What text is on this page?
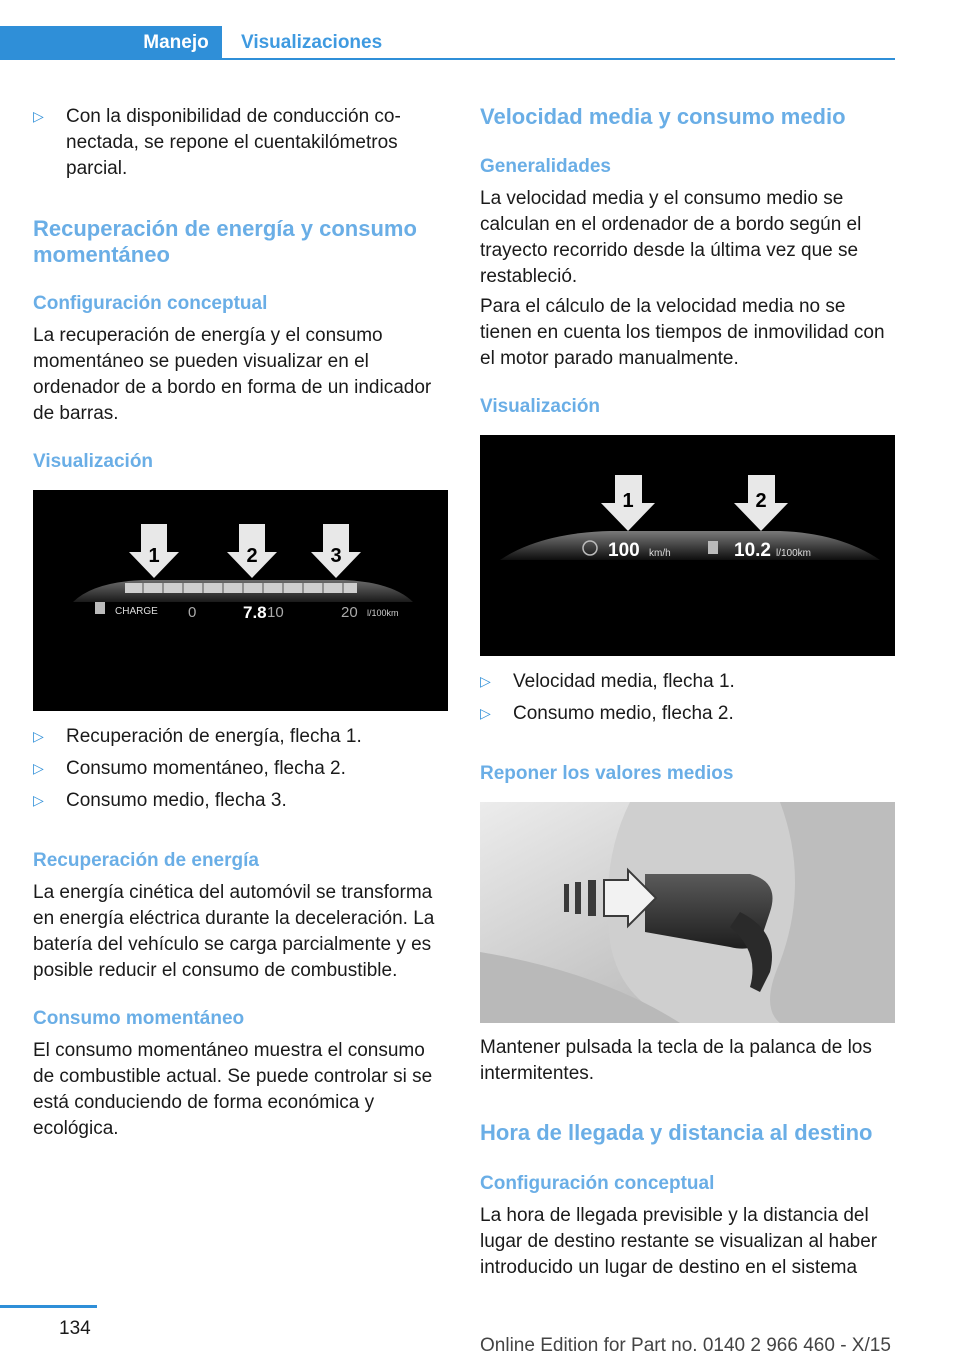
Manejo	Visualizaciones
▷ Con la disponibilidad de conducción co-
nectada, se repone el cuentakilómetros
parcial.
Recuperación de energía y consumo momentáneo
Configuración conceptual
La recuperación de energía y el consumo momentáneo se pueden visualizar en el ordenador de a bordo en forma de un indicador de barras.
Visualización
1	2	3
CHARGE 0	7.8 10	20 l/100km
▷ Recuperación de energía, flecha 1.
▷ Consumo momentáneo, flecha 2.
▷ Consumo medio, flecha 3.
Recuperación de energía
La energía cinética del automóvil se transforma en energía eléctrica durante la deceleración. La batería del vehículo se carga parcialmente y es posible reducir el consumo de combustible.
Consumo momentáneo
El consumo momentáneo muestra el consumo de combustible actual. Se puede controlar si se está conduciendo de forma económica y ecológica.
Velocidad media y consumo medio
Generalidades
La velocidad media y el consumo medio se calculan en el ordenador de a bordo según el trayecto recorrido desde la última vez que se restableció.
Para el cálculo de la velocidad media no se tienen en cuenta los tiempos de inmovilidad con el motor parado manualmente.
Visualización
1	2
100 km/h	10.2 l/100km
▷ Velocidad media, flecha 1.
▷ Consumo medio, flecha 2.
Reponer los valores medios
Mantener pulsada la tecla de la palanca de los intermitentes.
Hora de llegada y distancia al destino
Configuración conceptual
La hora de llegada previsible y la distancia del lugar de destino restante se visualizan al haber introducido un lugar de destino en el sistema
134
Online Edition for Part no. 0140 2 966 460 - X/15
